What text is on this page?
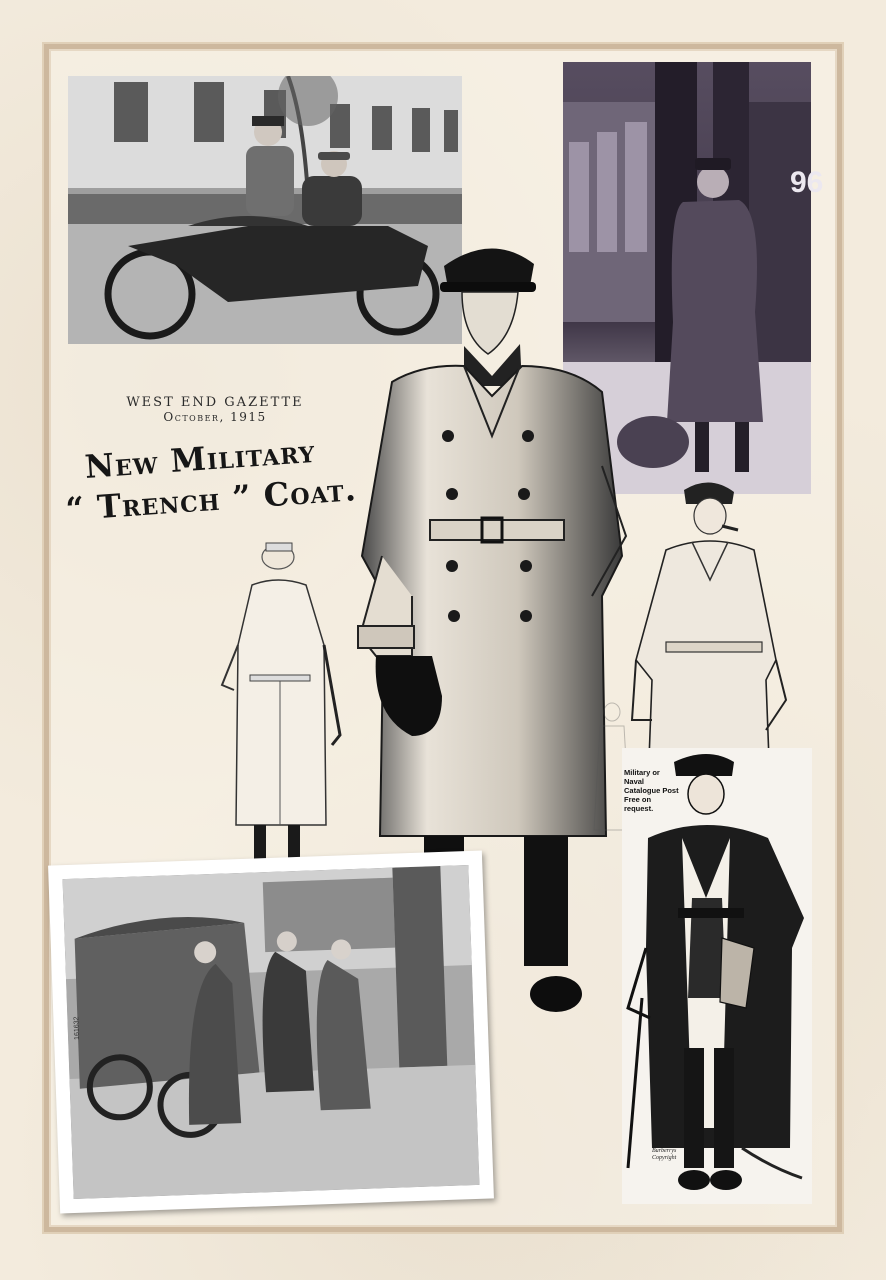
96
WEST END GAZETTE
October, 1915
New Military
“ Trench ” Coat.
Military or Naval Catalogue Post Free on request.
Burberrys Copyright
161632
